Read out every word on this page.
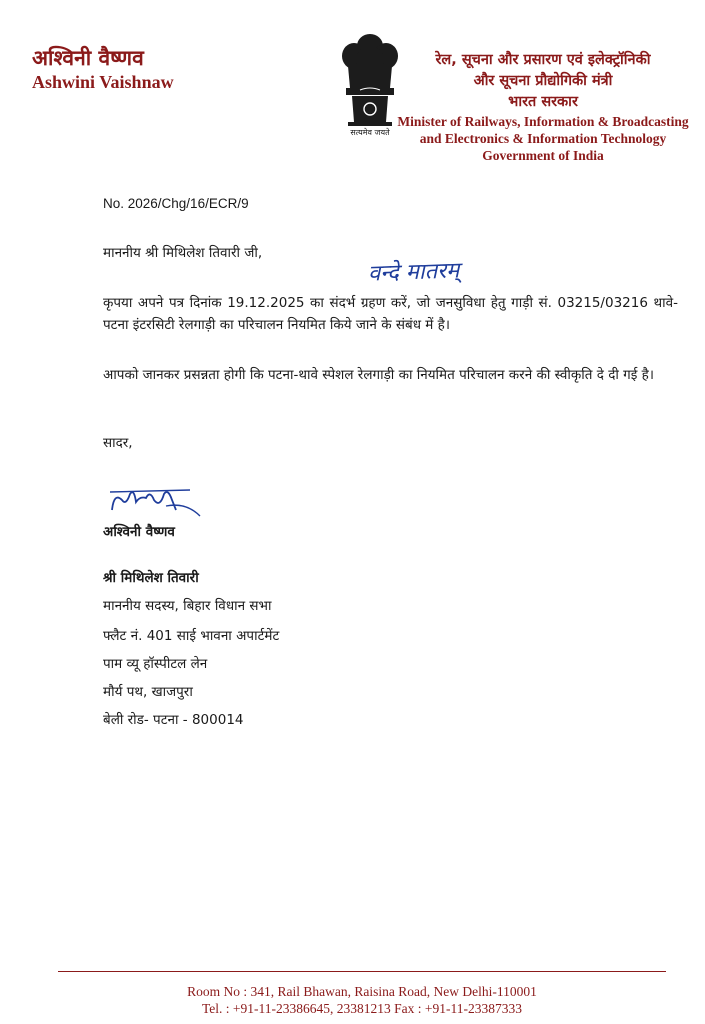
अश्विनी वैष्णव
Ashwini Vaishnaw
सत्यमेव जयते
रेल, सूचना और प्रसारण एवं इलेक्ट्रॉनिकी
और सूचना प्रौद्योगिकी मंत्री
भारत सरकार
Minister of Railways, Information & Broadcasting
and Electronics & Information Technology
Government of India
No. 2026/Chg/16/ECR/9
माननीय श्री मिथिलेश तिवारी जी,
वन्दे मातरम्
कृपया अपने पत्र दिनांक 19.12.2025 का संदर्भ ग्रहण करें, जो जनसुविधा हेतु गाड़ी सं. 03215/03216 थावे-पटना इंटरसिटी रेलगाड़ी का परिचालन नियमित किये जाने के संबंध में है।
आपको जानकर प्रसन्नता होगी कि पटना-थावे स्पेशल रेलगाड़ी का नियमित परिचालन करने की स्वीकृति दे दी गई है।
सादर,
अश्विनी वैष्णव
श्री मिथिलेश तिवारी
माननीय सदस्य, बिहार विधान सभा
फ्लैट नं. 401 साई भावना अपार्टमेंट
पाम व्यू हॉस्पीटल लेन
मौर्य पथ, खाजपुरा
बेली रोड- पटना - 800014
Room No : 341, Rail Bhawan, Raisina Road, New Delhi-110001
Tel. : +91-11-23386645, 23381213 Fax : +91-11-23387333
